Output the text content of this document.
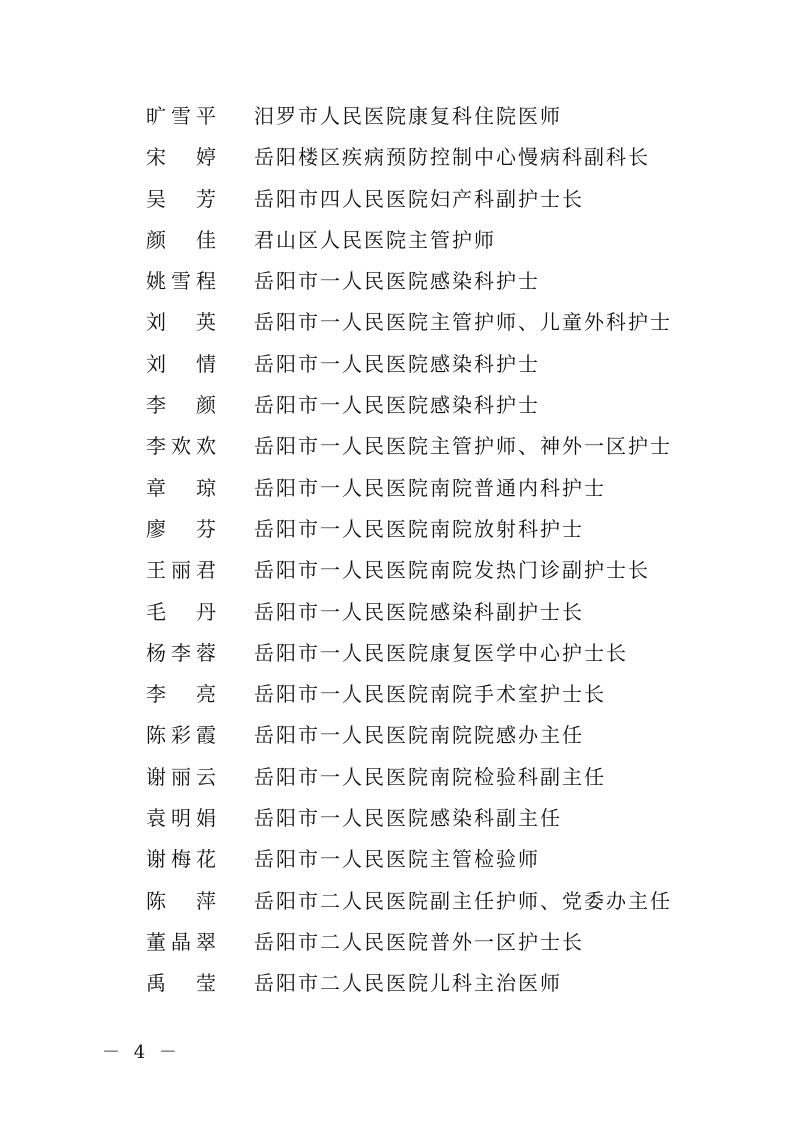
旷雪平 汨罗市人民医院康复科住院医师
宋婷 岳阳楼区疾病预防控制中心慢病科副科长
吴芳 岳阳市四人民医院妇产科副护士长
颜佳 君山区人民医院主管护师
姚雪程 岳阳市一人民医院感染科护士
刘英 岳阳市一人民医院主管护师、儿童外科护士
刘情 岳阳市一人民医院感染科护士
李颜 岳阳市一人民医院感染科护士
李欢欢 岳阳市一人民医院主管护师、神外一区护士
章琼 岳阳市一人民医院南院普通内科护士
廖芬 岳阳市一人民医院南院放射科护士
王丽君 岳阳市一人民医院南院发热门诊副护士长
毛丹 岳阳市一人民医院感染科副护士长
杨李蓉 岳阳市一人民医院康复医学中心护士长
李亮 岳阳市一人民医院南院手术室护士长
陈彩霞 岳阳市一人民医院南院院感办主任
谢丽云 岳阳市一人民医院南院检验科副主任
袁明娟 岳阳市一人民医院感染科副主任
谢梅花 岳阳市一人民医院主管检验师
陈萍 岳阳市二人民医院副主任护师、党委办主任
董晶翠 岳阳市二人民医院普外一区护士长
禹莹 岳阳市二人民医院儿科主治医师
－ 4 －
